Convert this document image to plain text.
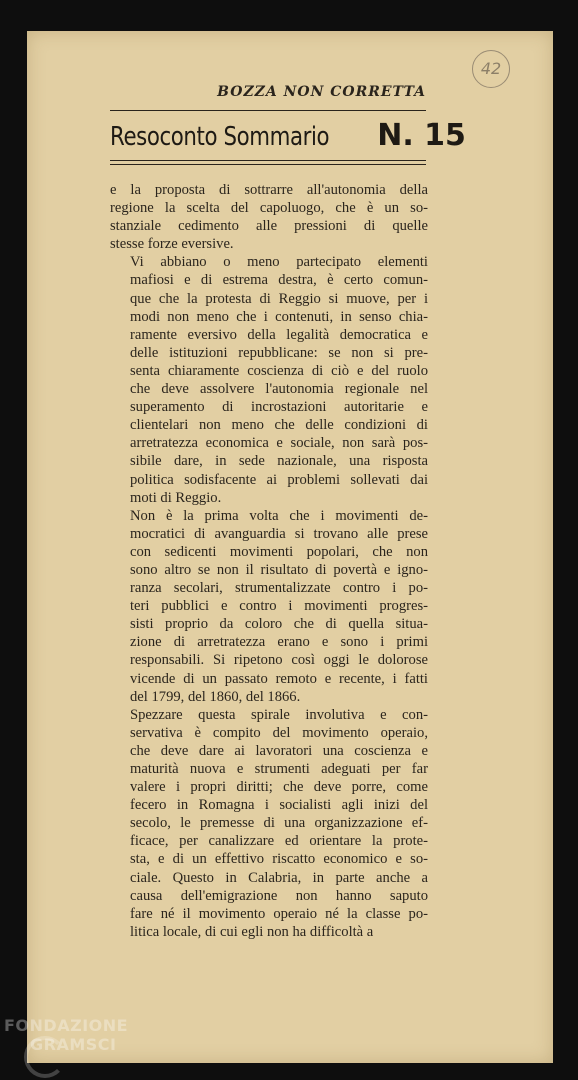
42
BOZZA NON CORRETTA
Resoconto Sommario N. 15
e la proposta di sottrarre all'autonomia della
regione la scelta del capoluogo, che è un so-
stanziale cedimento alle pressioni di quelle
stesse forze eversive.
Vi abbiano o meno partecipato elementi
mafiosi e di estrema destra, è certo comun-
que che la protesta di Reggio si muove, per i
modi non meno che i contenuti, in senso chia-
ramente eversivo della legalità democratica e
delle istituzioni repubblicane: se non si pre-
senta chiaramente coscienza di ciò e del ruolo
che deve assolvere l'autonomia regionale nel
superamento di incrostazioni autoritarie e
clientelari non meno che delle condizioni di
arretratezza economica e sociale, non sarà pos-
sibile dare, in sede nazionale, una risposta
politica sodisfacente ai problemi sollevati dai
moti di Reggio.
Non è la prima volta che i movimenti de-
mocratici di avanguardia si trovano alle prese
con sedicenti movimenti popolari, che non
sono altro se non il risultato di povertà e igno-
ranza secolari, strumentalizzate contro i po-
teri pubblici e contro i movimenti progres-
sisti proprio da coloro che di quella situa-
zione di arretratezza erano e sono i primi
responsabili. Si ripetono così oggi le dolorose
vicende di un passato remoto e recente, i fatti
del 1799, del 1860, del 1866.
Spezzare questa spirale involutiva e con-
servativa è compito del movimento operaio,
che deve dare ai lavoratori una coscienza e
maturità nuova e strumenti adeguati per far
valere i propri diritti; che deve porre, come
fecero in Romagna i socialisti agli inizi del
secolo, le premesse di una organizzazione ef-
ficace, per canalizzare ed orientare la prote-
sta, e di un effettivo riscatto economico e so-
ciale. Questo in Calabria, in parte anche a
causa dell'emigrazione non hanno saputo
fare né il movimento operaio né la classe po-
litica locale, di cui egli non ha difficoltà a
FONDAZIONE
GRAMSCI
